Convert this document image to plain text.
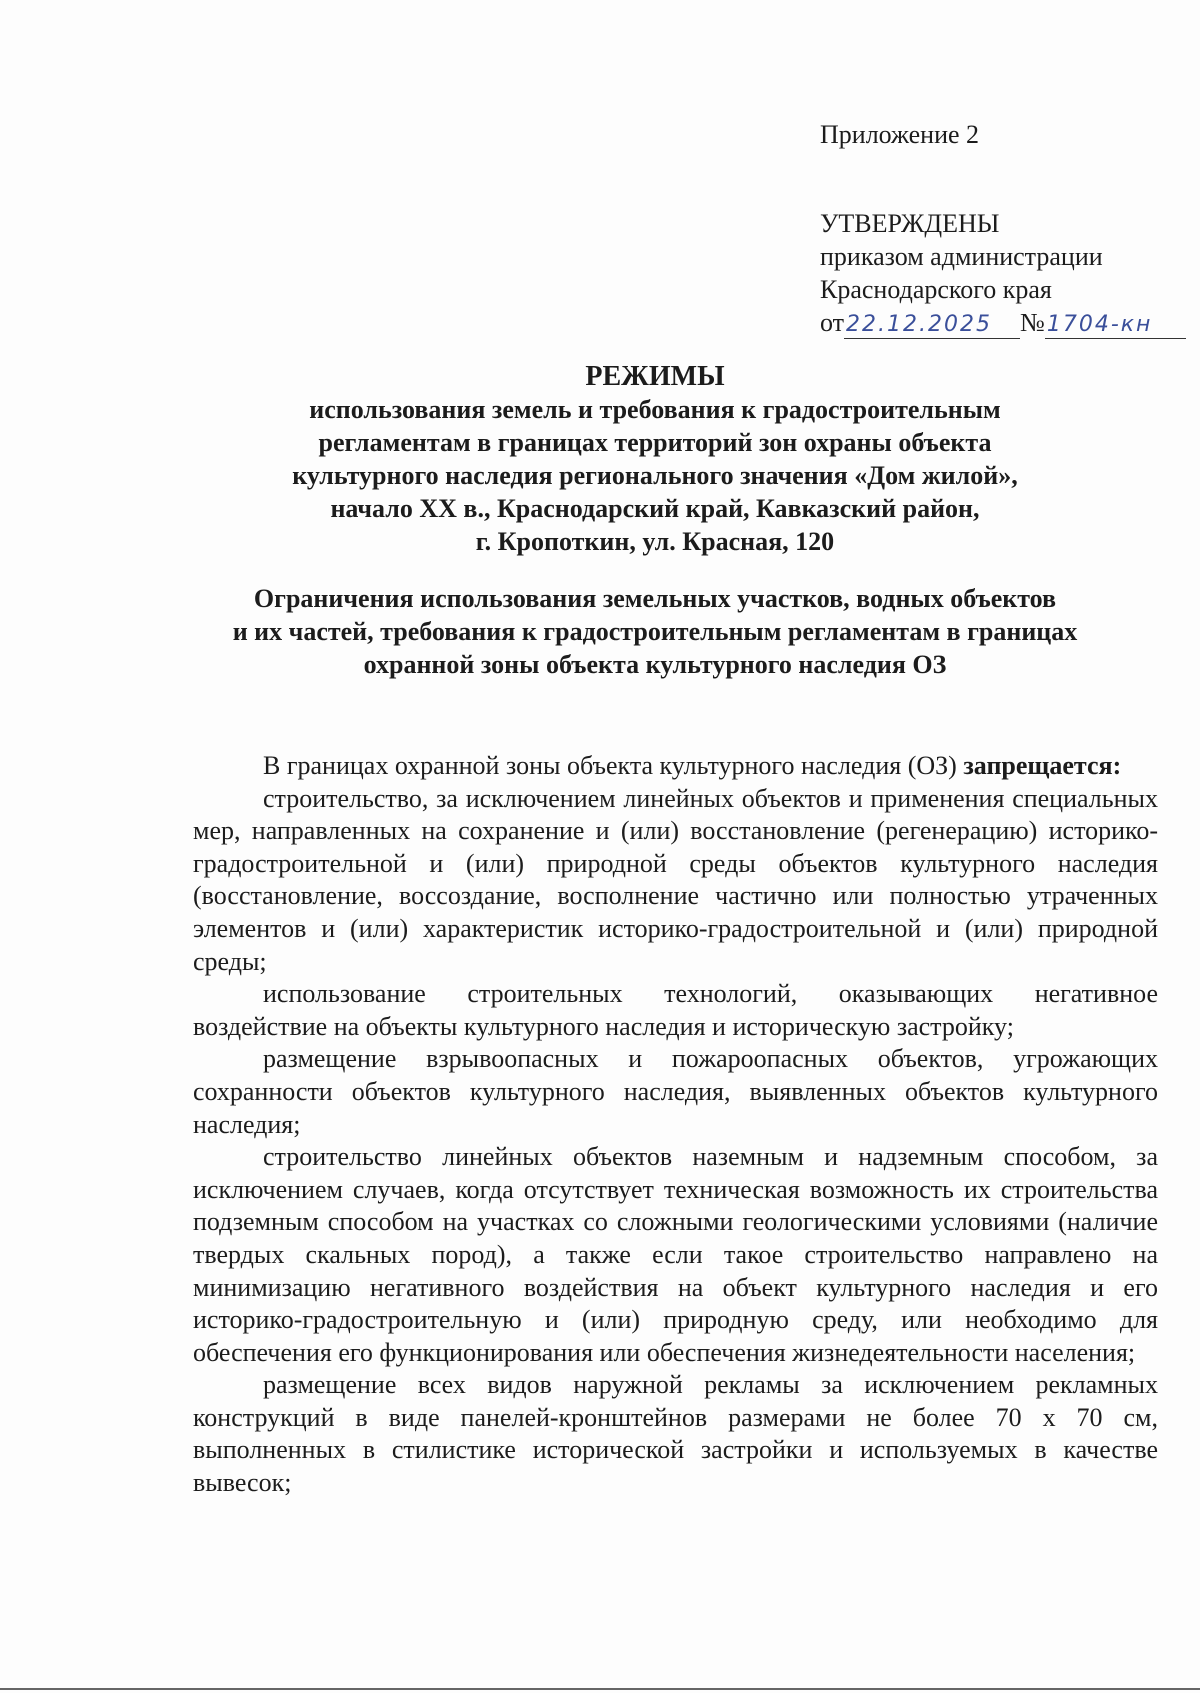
Приложение 2
УТВЕРЖДЕНЫ
приказом администрации
Краснодарского края
от22.12.2025 №1704-кн
РЕЖИМЫ
использования земель и требования к градостроительным
регламентам в границах территорий зон охраны объекта
культурного наследия регионального значения «Дом жилой»,
начало XX в., Краснодарский край, Кавказский район,
г. Кропоткин, ул. Красная, 120
Ограничения использования земельных участков, водных объектов
и их частей, требования к градостроительным регламентам в границах
охранной зоны объекта культурного наследия ОЗ

В границах охранной зоны объекта культурного наследия (ОЗ) запрещается:

строительство, за исключением линейных объектов и применения специальных мер, направленных на сохранение и (или) восстановление (регенерацию) историко-градостроительной и (или) природной среды объектов культурного наследия (восстановление, воссоздание, восполнение частично или полностью утраченных элементов и (или) характеристик историко-градостроительной и (или) природной среды;

использование строительных технологий, оказывающих негативное воздействие на объекты культурного наследия и историческую застройку;

размещение взрывоопасных и пожароопасных объектов, угрожающих сохранности объектов культурного наследия, выявленных объектов культурного наследия;

строительство линейных объектов наземным и надземным способом, за исключением случаев, когда отсутствует техническая возможность их строительства подземным способом на участках со сложными геологическими условиями (наличие твердых скальных пород), а также если такое строительство направлено на минимизацию негативного воздействия на объект культурного наследия и его историко-градостроительную и (или) природную среду, или необходимо для обеспечения его функционирования или обеспечения жизнедеятельности населения;

размещение всех видов наружной рекламы за исключением рекламных конструкций в виде панелей-кронштейнов размерами не более 70 х 70 см, выполненных в стилистике исторической застройки и используемых в качестве вывесок;
